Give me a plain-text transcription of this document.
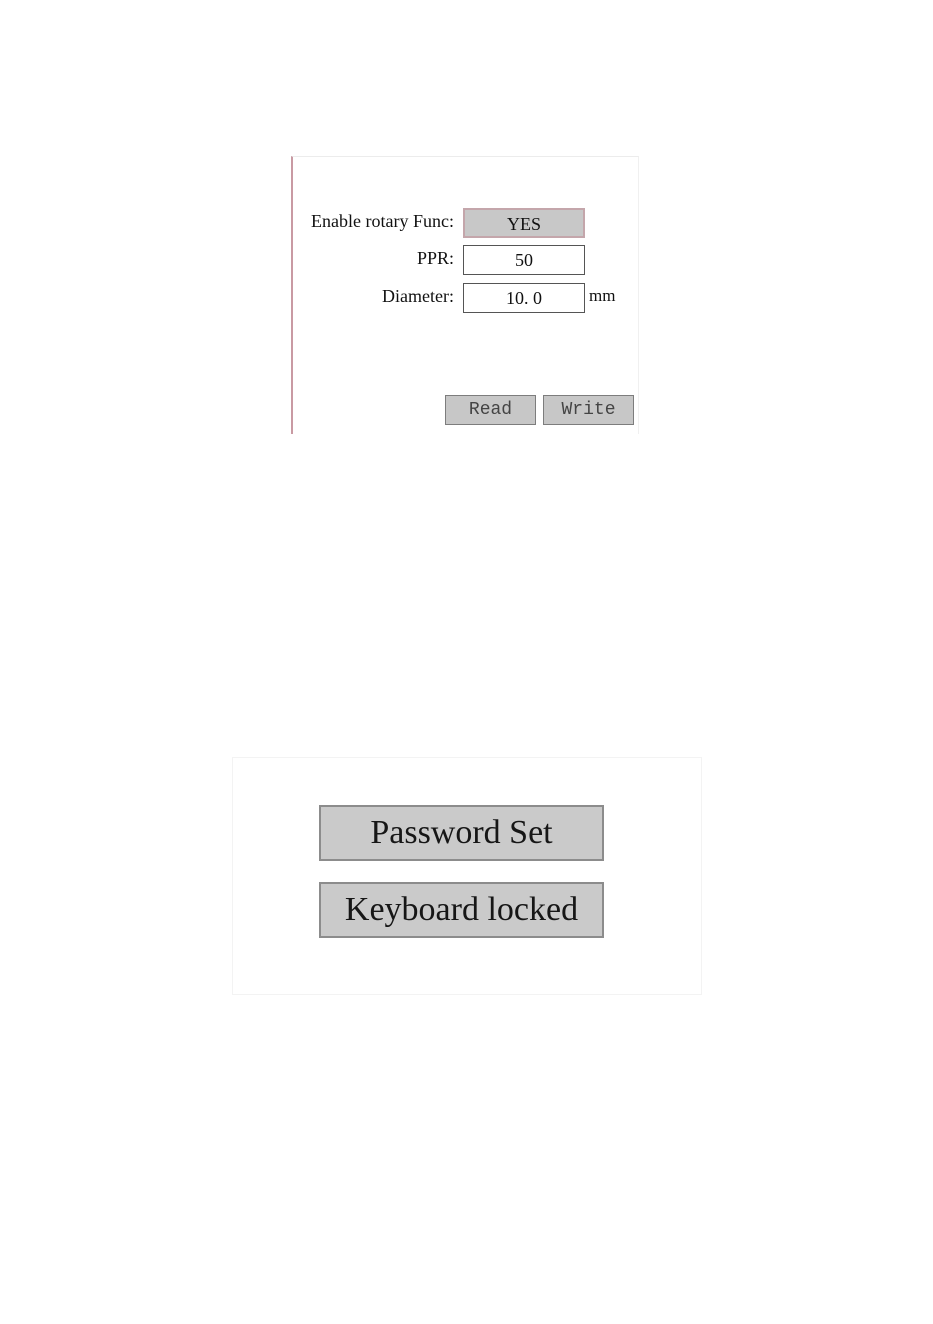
Enable rotary Func:	YES
PPR:	50
Diameter:	10. 0	mm
Read	Write
Password Set
Keyboard locked
